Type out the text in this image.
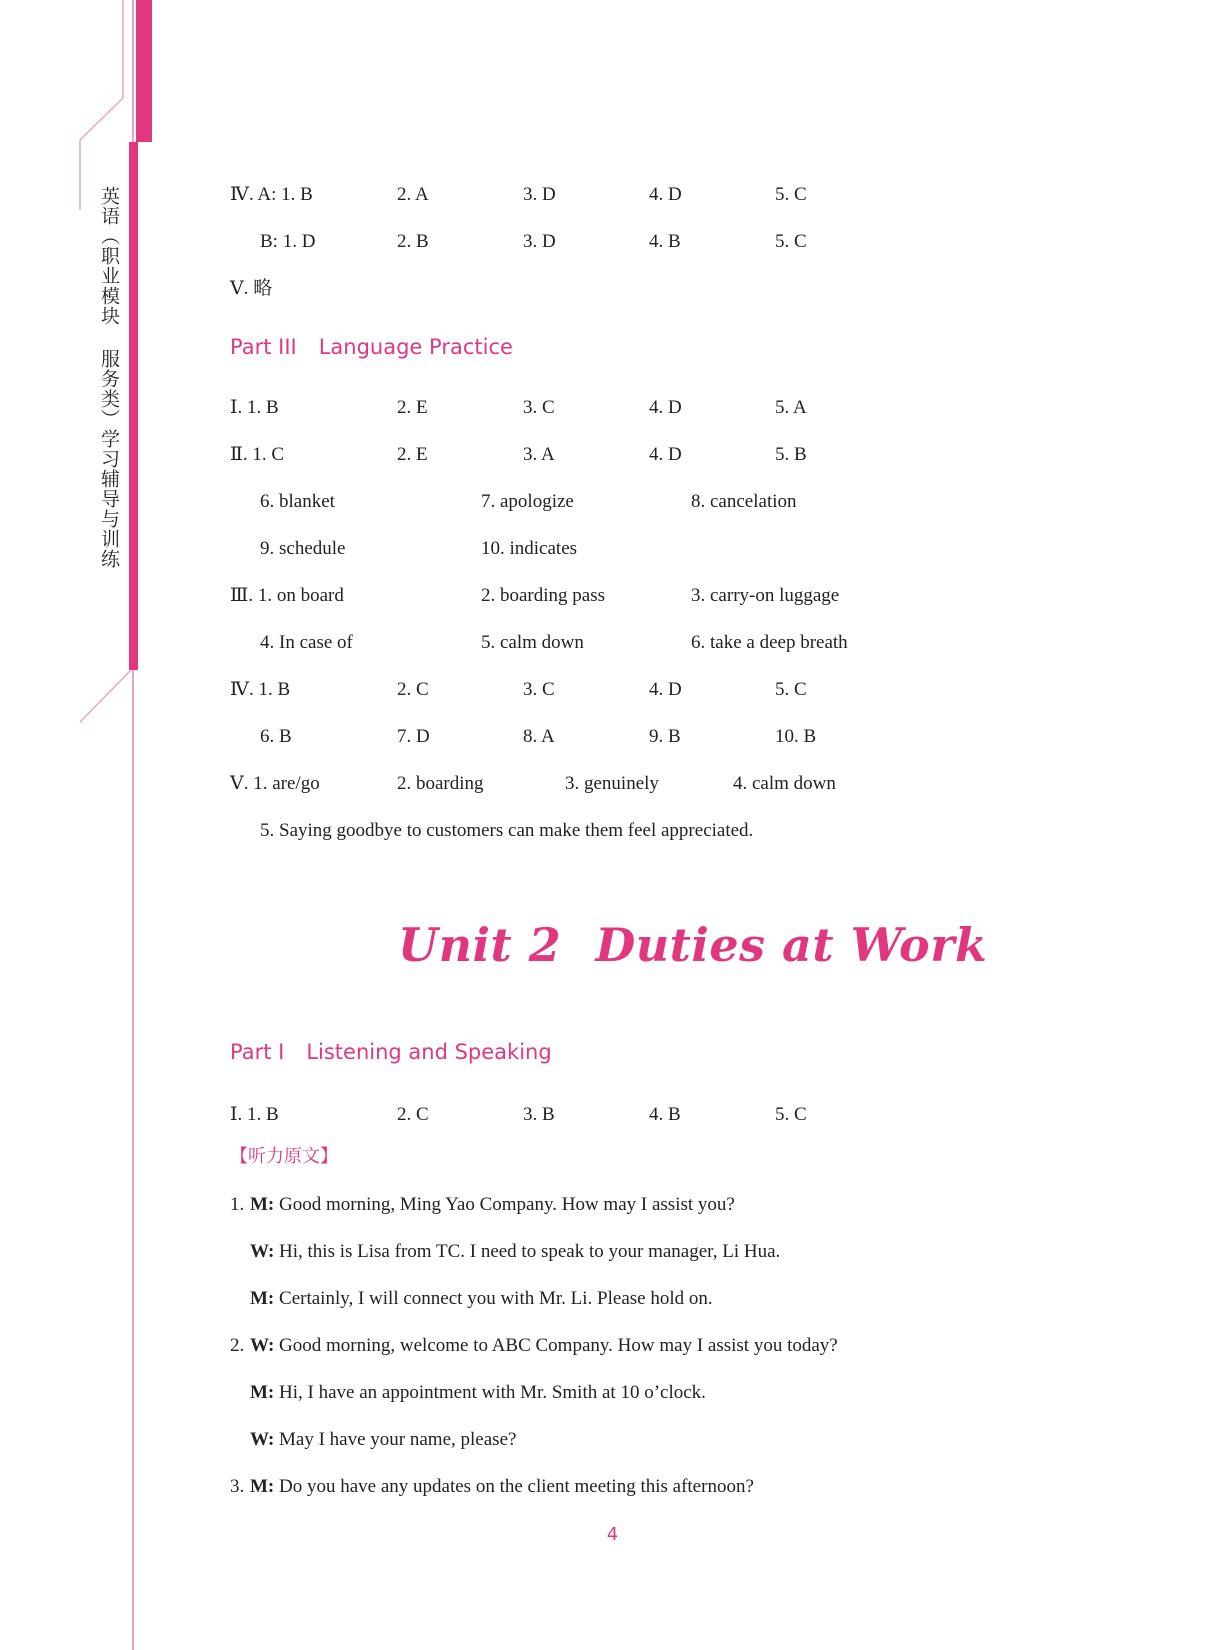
英语（职业模块 服务类）学习辅导与训练	Ⅳ. A: 1. B	2. A	3. D	4. D	5. C
B: 1. D	2. B	3. D	4. B	5. C
Ⅴ. 略
Part III Language Practice
Ⅰ. 1. B	2. E	3. C	4. D	5. A
Ⅱ. 1. C	2. E	3. A	4. D	5. B
6. blanket	7. apologize	8. cancelation
9. schedule	10. indicates
Ⅲ. 1. on board	2. boarding pass	3. carry-on luggage
4. In case of	5. calm down	6. take a deep breath
Ⅳ. 1. B	2. C	3. C	4. D	5. C
6. B	7. D	8. A	9. B	10. B
Ⅴ. 1. are/go	2. boarding	3. genuinely	4. calm down
5. Saying goodbye to customers can make them feel appreciated.
Unit 2 Duties at Work
Part I Listening and Speaking
Ⅰ. 1. B	2. C	3. B	4. B	5. C
【听力原文】
1. M: Good morning, Ming Yao Company. How may I assist you?
W: Hi, this is Lisa from TC. I need to speak to your manager, Li Hua.
M: Certainly, I will connect you with Mr. Li. Please hold on.
2. W: Good morning, welcome to ABC Company. How may I assist you today?
M: Hi, I have an appointment with Mr. Smith at 10 o’clock.
W: May I have your name, please?
3. M: Do you have any updates on the client meeting this afternoon?
4
